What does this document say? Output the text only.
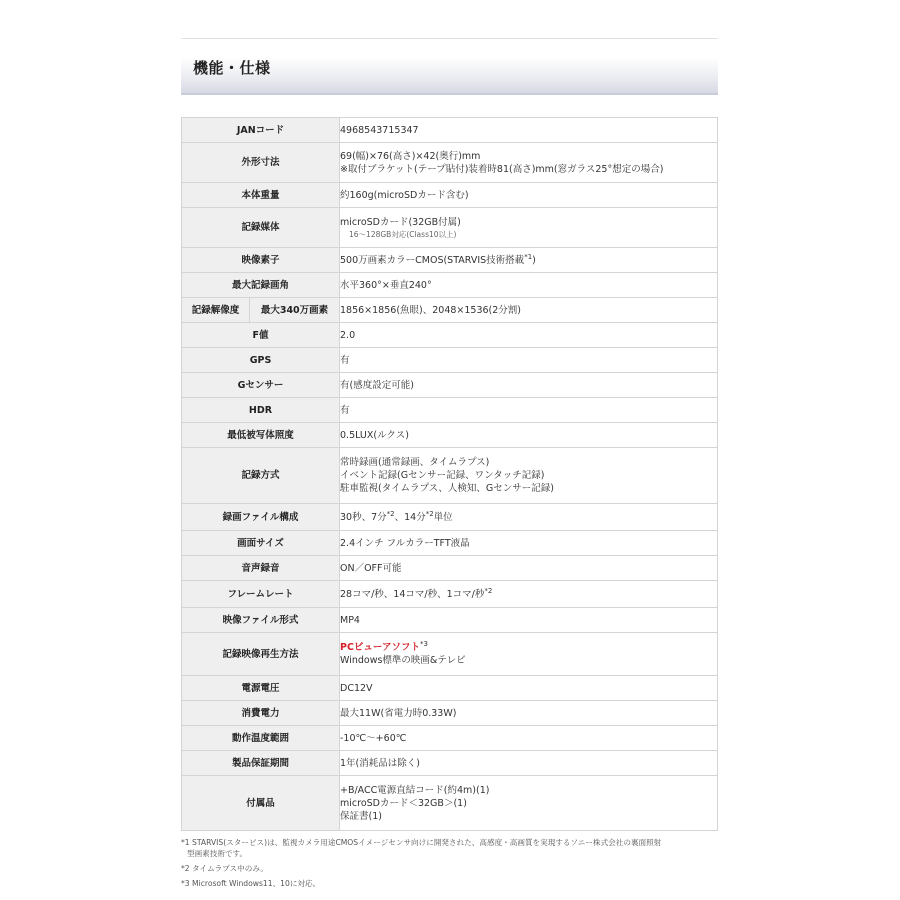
機能・仕様
JANコード		4968543715347
外形寸法		69(幅)×76(高さ)×42(奥行)mm
※取付ブラケット(テープ貼付)装着時81(高さ)mm(窓ガラス25°想定の場合)

本体重量		約160g(microSDカード含む)
記録媒体		microSDカード(32GB付属)
16～128GB対応(Class10以上)

映像素子		500万画素カラーCMOS(STARVIS技術搭載$^{*1}$)
最大記録画角		水平360°×垂直240°
記録解像度	最大340万画素	1856×1856(魚眼)、2048×1536(2分割)
F値		2.0
GPS		有
Gセンサー		有(感度設定可能)
HDR		有
最低被写体照度		0.5LUX(ルクス)
記録方式		常時録画(通常録画、タイムラプス)
イベント記録(Gセンサー記録、ワンタッチ記録)
駐車監視(タイムラプス、人検知、Gセンサー記録)

録画ファイル構成		30秒、7分$^{*2}$、14分$^{*2}$単位
画面サイズ		2.4インチ フルカラーTFT液晶
音声録音		ON／OFF可能
フレームレート		28コマ/秒、14コマ/秒、1コマ/秒$^{*2}$
映像ファイル形式		MP4
記録映像再生方法		PCビューアソフト$^{*3}$
Windows標準の映画&テレビ

電源電圧		DC12V
消費電力		最大11W(省電力時0.33W)
動作温度範囲		-10℃～+60℃
製品保証期間		1年(消耗品は除く)
付属品		+B/ACC電源直結コード(約4m)(1)
microSDカード＜32GB＞(1)
保証書(1)

*1 STARVIS(スタービス)は、監視カメラ用途CMOSイメージセンサ向けに開発された、高感度・高画質を実現するソニー株式会社の裏面照射
型画素技術です。

*2 タイムラプス中のみ。

*3 Microsoft Windows11、10に対応。
